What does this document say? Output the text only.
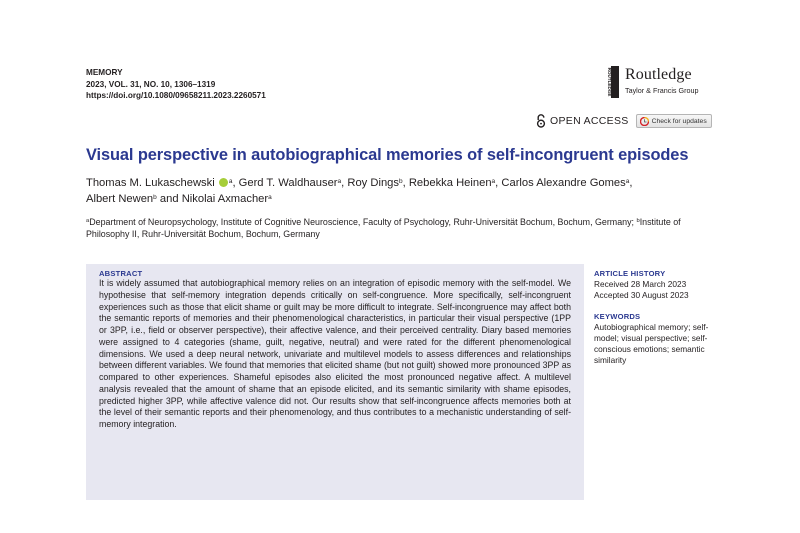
MEMORY
2023, VOL. 31, NO. 10, 1306–1319
https://doi.org/10.1080/09658211.2023.2260571	ROUTLEDGE Routledge
Taylor & Francis Group
OPEN ACCESS	Check for updates
Visual perspective in autobiographical memories of self-incongruent episodes
Thomas M. Lukaschewski $^a$, Gerd T. Waldhauser$^a$, Roy Dings$^b$, Rebekka Heinen$^a$, Carlos Alexandre Gomes$^a$,
Albert Newen$^b$ and Nikolai Axmacher$^a$
$^a$Department of Neuropsychology, Institute of Cognitive Neuroscience, Faculty of Psychology, Ruhr-Universität Bochum, Bochum, Germany; $^b$Institute of Philosophy II, Ruhr-Universität Bochum, Bochum, Germany
ABSTRACT

It is widely assumed that autobiographical memory relies on an integration of episodic memory with the self-model. We hypothesise that self-memory integration depends critically on self-congruence. More specifically, self-incongruent experiences such as those that elicit shame or guilt may be more difficult to integrate. Self-incongruence may affect both the semantic reports of memories and their phenomenological characteristics, in particular their visual perspective (1PP or 3PP, i.e., field or observer perspective), their affective valence, and their perceived centrality. Diary based memories were assigned to 4 categories (shame, guilt, negative, neutral) and were rated for the different phenomenological dimensions. We used a deep neural network, univariate and multilevel models to assess differences and relationships between different variables. We found that memories that elicited shame (but not guilt) showed more pronounced 3PP as compared to other experiences. Shameful episodes also elicited the most pronounced negative affect. A multilevel analysis revealed that the amount of shame that an episode elicited, and its semantic similarity with shame episodes, predicted higher 3PP, while affective valence did not. Our results show that self-incongruence affects memories both at the level of their semantic reports and their phenomenology, and thus contributes to a mechanistic understanding of self-memory integration.

ARTICLE HISTORY
Received 28 March 2023
Accepted 30 August 2023
KEYWORDS
Autobiographical memory; self-model; visual perspective; self-conscious emotions; semantic similarity
